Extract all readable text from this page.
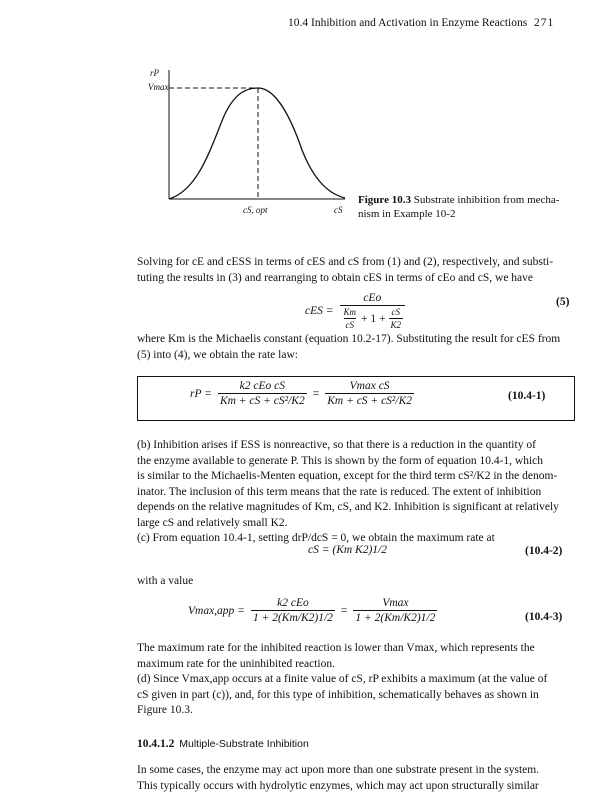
10.4 Inhibition and Activation in Enzyme Reactions 271
rP
Vmax
cS, opt	cS
Figure 10.3 Substrate inhibition from mecha-
nism in Example 10-2
Solving for cE and cESS in terms of cES and cS from (1) and (2), respectively, and substi-
tuting the results in (3) and rearranging to obtain cES in terms of cEo and cS, we have
cES =
cEo
$\frac{Km}{cS} + 1 + \frac{cS}{K2}$
(5)
where Km is the Michaelis constant (equation 10.2-17). Substituting the result for cES from
(5) into (4), we obtain the rate law:
rP = $\frac{\text{k2 cEo cS}}{\text{Km + cS + cS²/K2}} = \frac{\text{Vmax cS}}{\text{Km + cS + cS²/K2}}$	(10.4-1)
(b) Inhibition arises if ESS is nonreactive, so that there is a reduction in the quantity of
the enzyme available to generate P. This is shown by the form of equation 10.4-1, which
is similar to the Michaelis-Menten equation, except for the third term cS²/K2 in the denom-
inator. The inclusion of this term means that the rate is reduced. The extent of inhibition
depends on the relative magnitudes of Km, cS, and K2. Inhibition is significant at relatively
large cS and relatively small K2.
(c) From equation 10.4-1, setting drP/dcS = 0, we obtain the maximum rate at
cS = (Km K2)1/2	(10.4-2)
with a value
$Vmax,app = \frac{\text{k2 cEo}}{1 + 2(Km/K2)1/2} = \frac{Vmax}{1 + 2(Km/K2)1/2}$	(10.4-3)
The maximum rate for the inhibited reaction is lower than Vmax, which represents the
maximum rate for the uninhibited reaction.
(d) Since Vmax,app occurs at a finite value of cS, rP exhibits a maximum (at the value of
cS given in part (c)), and, for this type of inhibition, schematically behaves as shown in
Figure 10.3.
10.4.1.2 Multiple-Substrate Inhibition
In some cases, the enzyme may act upon more than one substrate present in the system.
This typically occurs with hydrolytic enzymes, which may act upon structurally similar
